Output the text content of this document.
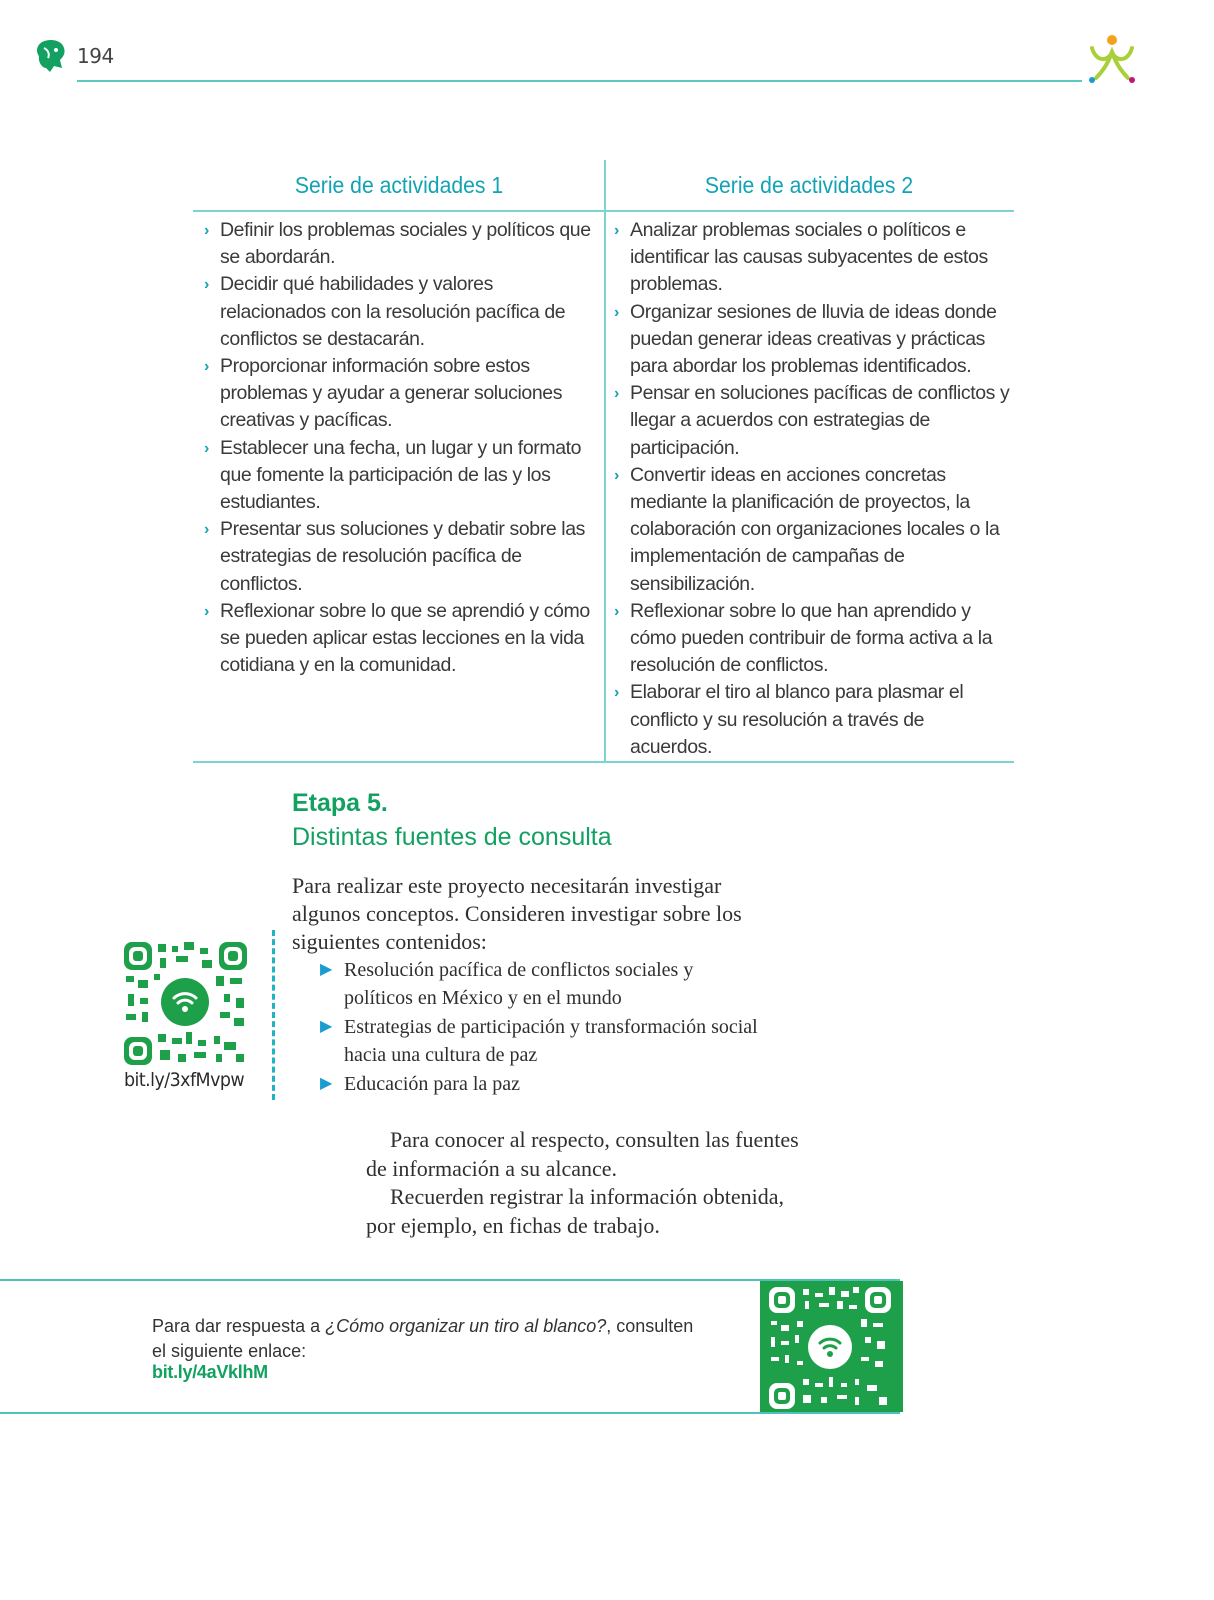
194
Serie de actividades 1	Serie de actividades 2
› Definir los problemas sociales y políticos que se abordarán.
› Decidir qué habilidades y valores relacionados con la resolución pacífica de conflictos se destacarán.
› Proporcionar información sobre estos problemas y ayudar a generar soluciones creativas y pacíficas.
› Establecer una fecha, un lugar y un formato que fomente la participación de las y los estudiantes.
› Presentar sus soluciones y debatir sobre las estrategias de resolución pacífica de conflictos.
› Reflexionar sobre lo que se aprendió y cómo se pueden aplicar estas lecciones en la vida cotidiana y en la comunidad.
› Analizar problemas sociales o políticos e identificar las causas subyacentes de estos problemas.
› Organizar sesiones de lluvia de ideas donde puedan generar ideas creativas y prácticas para abordar los problemas identificados.
› Pensar en soluciones pacíficas de conflictos y llegar a acuerdos con estrategias de participación.
› Convertir ideas en acciones concretas mediante la planificación de proyectos, la colaboración con organizaciones locales o la implementación de campañas de sensibilización.
› Reflexionar sobre lo que han aprendido y cómo pueden contribuir de forma activa a la resolución de conflictos.
› Elaborar el tiro al blanco para plasmar el conflicto y su resolución a través de acuerdos.
Etapa 5.
Distintas fuentes de consulta
Para realizar este proyecto necesitarán investigar algunos conceptos. Consideren investigar sobre los siguientes contenidos:
▶ Resolución pacífica de conflictos sociales y políticos en México y en el mundo
▶ Estrategias de participación y transformación social hacia una cultura de paz
▶ Educación para la paz
bit.ly/3xfMvpw

Para conocer al respecto, consulten las fuentes de información a su alcance.

Recuerden registrar la información obtenida, por ejemplo, en fichas de trabajo.

Para dar respuesta a ¿Cómo organizar un tiro al blanco?, consulten el siguiente enlace:
bit.ly/4aVklhM
